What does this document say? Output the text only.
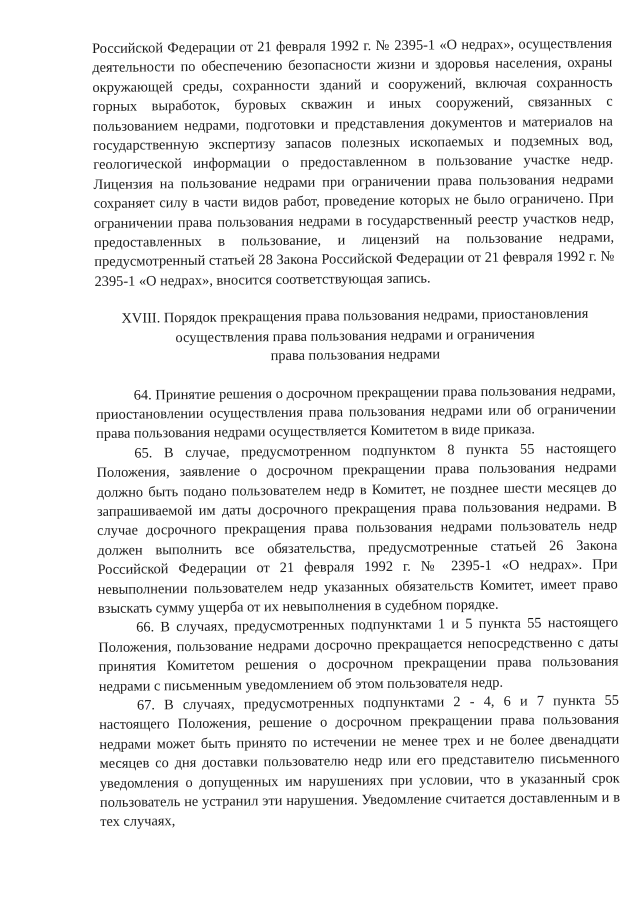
Российской Федерации от 21 февраля 1992 г. № 2395-1 «О недрах», осуществления деятельности по обеспечению безопасности жизни и здоровья населения, охраны окружающей среды, сохранности зданий и сооружений, включая сохранность горных выработок, буровых скважин и иных сооружений, связанных с пользованием недрами, подготовки и представления документов и материалов на государственную экспертизу запасов полезных ископаемых и подземных вод, геологической информации о предоставленном в пользование участке недр. Лицензия на пользование недрами при ограничении права пользования недрами сохраняет силу в части видов работ, проведение которых не было ограничено. При ограничении права пользования недрами в государственный реестр участков недр, предоставленных в пользование, и лицензий на пользование недрами, предусмотренный статьей 28 Закона Российской Федерации от 21 февраля 1992 г. № 2395-1 «О недрах», вносится соответствующая запись.

XVIII. Порядок прекращения права пользования недрами, приостановления
осуществления права пользования недрами и ограничения
права пользования недрами

64. Принятие решения о досрочном прекращении права пользования недрами, приостановлении осуществления права пользования недрами или об ограничении права пользования недрами осуществляется Комитетом в виде приказа.

65. В случае, предусмотренном подпунктом 8 пункта 55 настоящего Положения, заявление о досрочном прекращении права пользования недрами должно быть подано пользователем недр в Комитет, не позднее шести месяцев до запрашиваемой им даты досрочного прекращения права пользования недрами. В случае досрочного прекращения права пользования недрами пользователь недр должен выполнить все обязательства, предусмотренные статьей 26 Закона Российской Федерации от 21 февраля 1992 г. № 2395-1 «О недрах». При невыполнении пользователем недр указанных обязательств Комитет, имеет право взыскать сумму ущерба от их невыполнения в судебном порядке.

66. В случаях, предусмотренных подпунктами 1 и 5 пункта 55 настоящего Положения, пользование недрами досрочно прекращается непосредственно с даты принятия Комитетом решения о досрочном прекращении права пользования недрами с письменным уведомлением об этом пользователя недр.

67. В случаях, предусмотренных подпунктами 2 - 4, 6 и 7 пункта 55 настоящего Положения, решение о досрочном прекращении права пользования недрами может быть принято по истечении не менее трех и не более двенадцати месяцев со дня доставки пользователю недр или его представителю письменного уведомления о допущенных им нарушениях при условии, что в указанный срок пользователь не устранил эти нарушения. Уведомление считается доставленным и в тех случаях,
